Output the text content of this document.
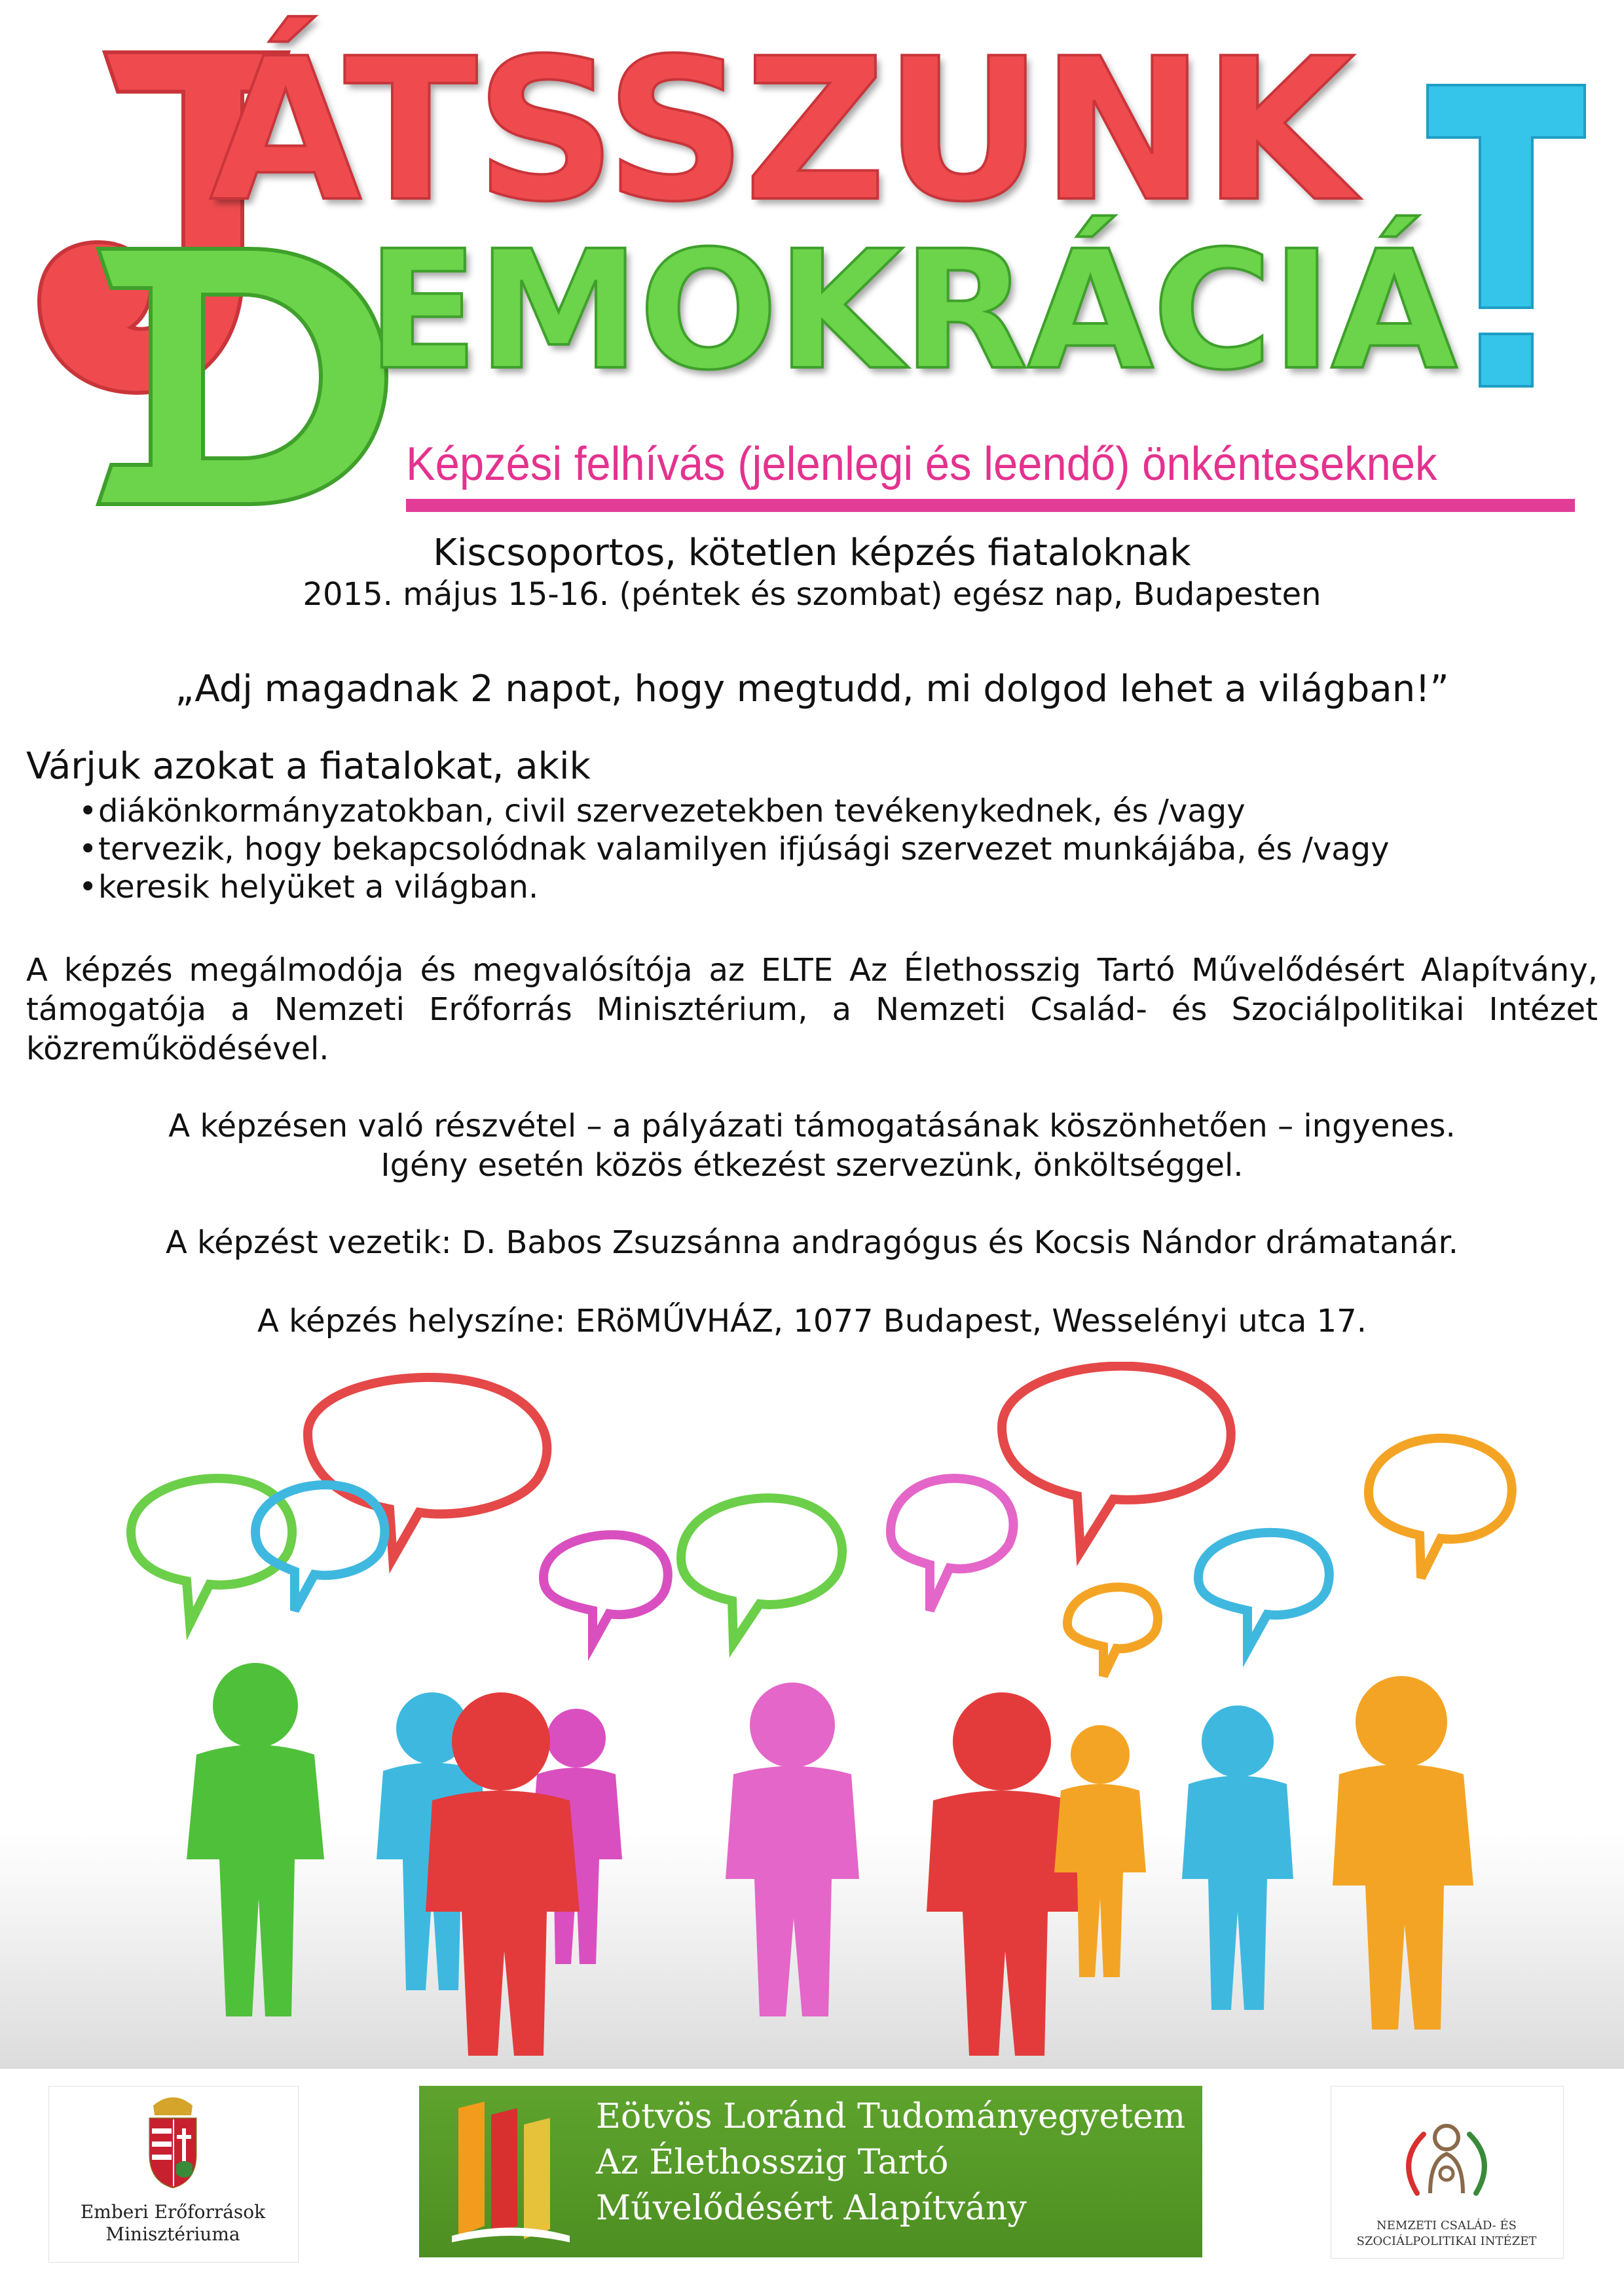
ÁTSSZUNK
EMOKRÁCIÁ
Képzési felhívás (jelenlegi és leendő) önkénteseknek
Kiscsoportos, kötetlen képzés fiataloknak
2015. május 15-16. (péntek és szombat) egész nap, Budapesten
„Adj magadnak 2 napot, hogy megtudd, mi dolgod lehet a világban!”
Várjuk azokat a fiatalokat, akik
• diákönkormányzatokban, civil szervezetekben tevékenykednek, és /vagy
• tervezik, hogy bekapcsolódnak valamilyen ifjúsági szervezet munkájába, és /vagy
• keresik helyüket a világban.
A képzés megálmodója és megvalósítója az ELTE Az Élethosszig Tartó Művelődésért Alapítvány, támogatója a Nemzeti Erőforrás Minisztérium, a Nemzeti Család- és Szociálpolitikai Intézet közreműködésével.
A képzésen való részvétel – a pályázati támogatásának köszönhetően – ingyenes. Igény esetén közös étkezést szervezünk, önköltséggel.
A képzést vezetik: D. Babos Zsuzsánna andragógus és Kocsis Nándor drámatanár.
A képzés helyszíne: ERöMŰVHÁZ, 1077 Budapest, Wesselényi utca 17.
Emberi Erőforrások
Minisztériuma
Eötvös Loránd Tudományegyetem
Az Élethosszig Tartó
Művelődésért Alapítvány	NEMZETI CSALÁD- ÉS
SZOCIÁLPOLITIKAI INTÉZET
